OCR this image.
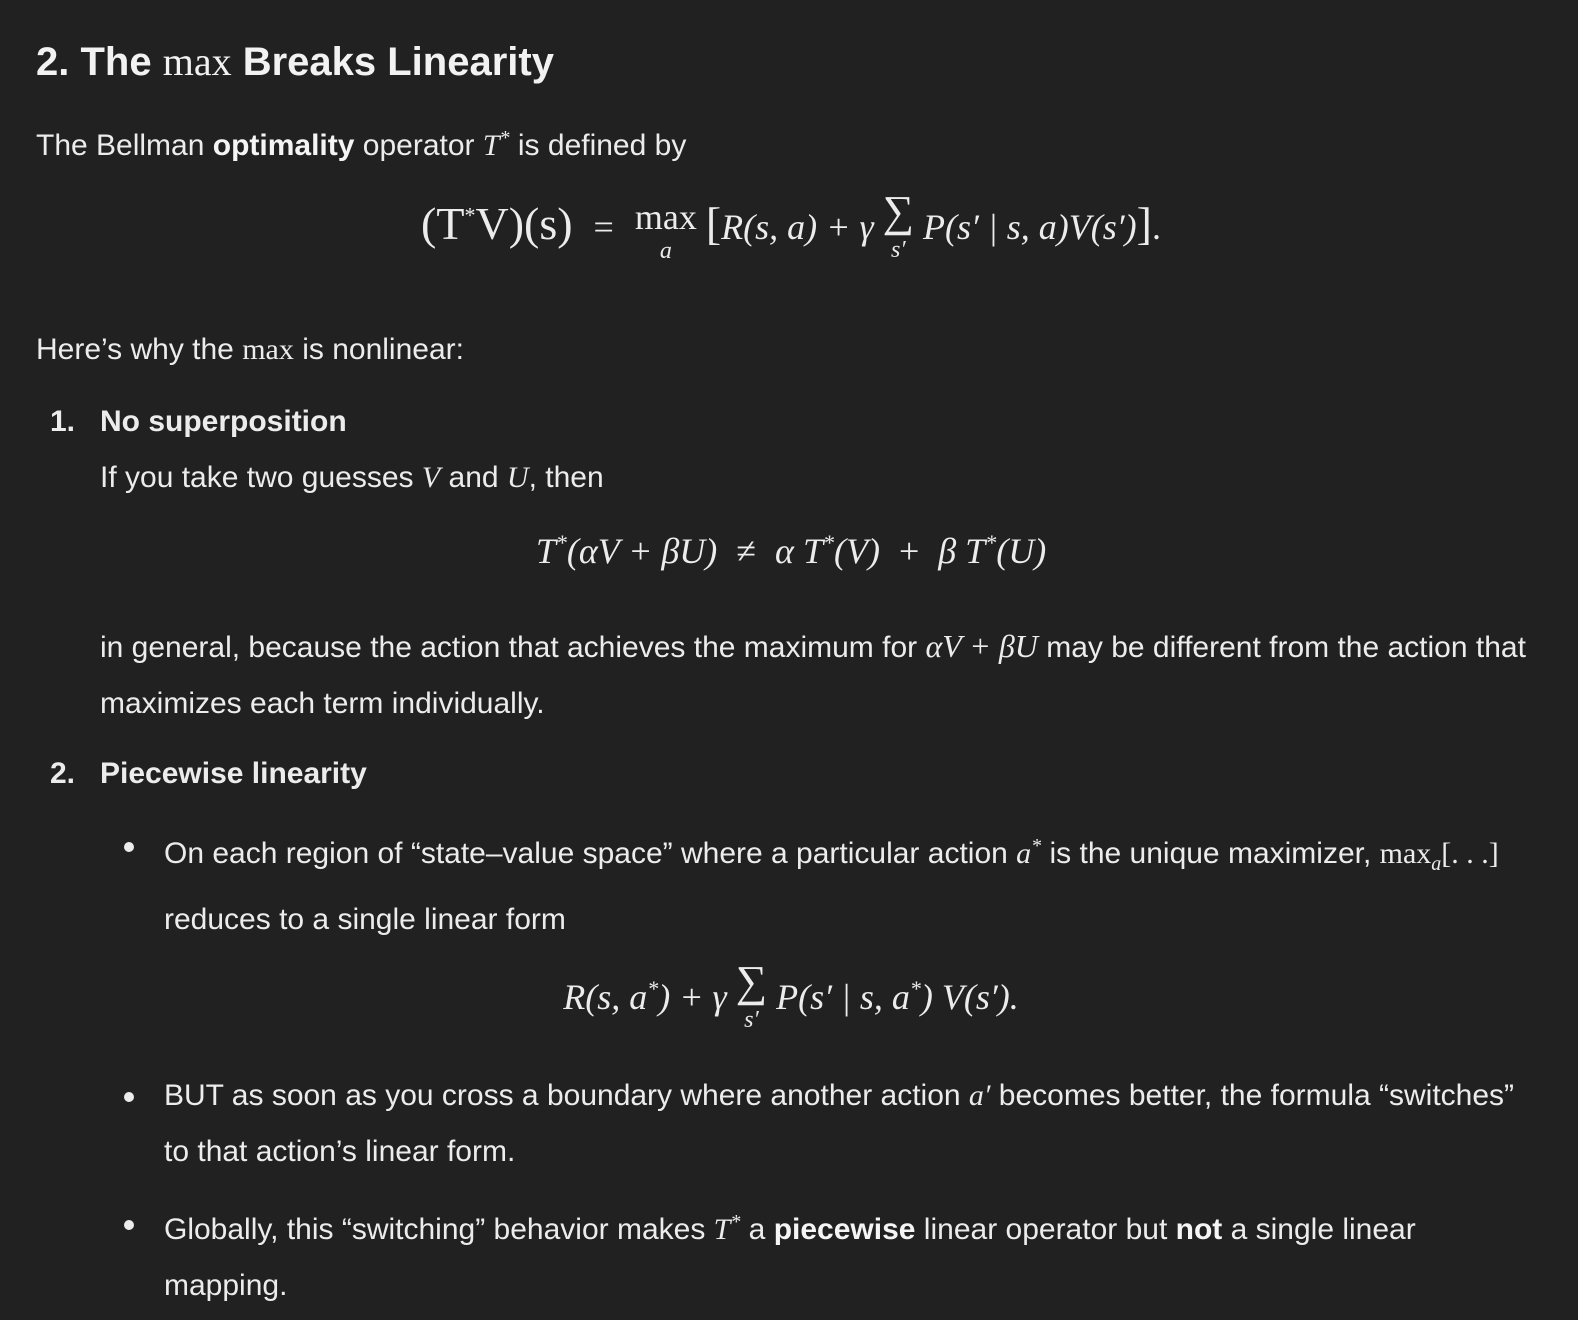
2. The max Breaks Linearity

The Bellman optimality operator T* is defined by

(T*V)(s) = max
a
[R(s, a) + γ ∑
s′
P(s′ | s, a)V(s′)].

Here’s why the max is nonlinear:

1. No superposition
If you take two guesses V and U, then
T*(αV + βU) ≠ α T*(V) + β T*(U)
in general, because the action that achieves the maximum for αV + βU may be different from the action that maximizes each term individually.
2. Piecewise linearity
On each region of “state–value space” where a particular action a* is the unique maximizer, $\max_a$[. . .] reduces to a single linear form
R(s, a*) + γ ∑
s′
P(s′ | s, a*) V(s′).
BUT as soon as you cross a boundary where another action a′ becomes better, the formula “switches” to that action’s linear form.
Globally, this “switching” behavior makes T* a piecewise linear operator but not a single linear mapping.
